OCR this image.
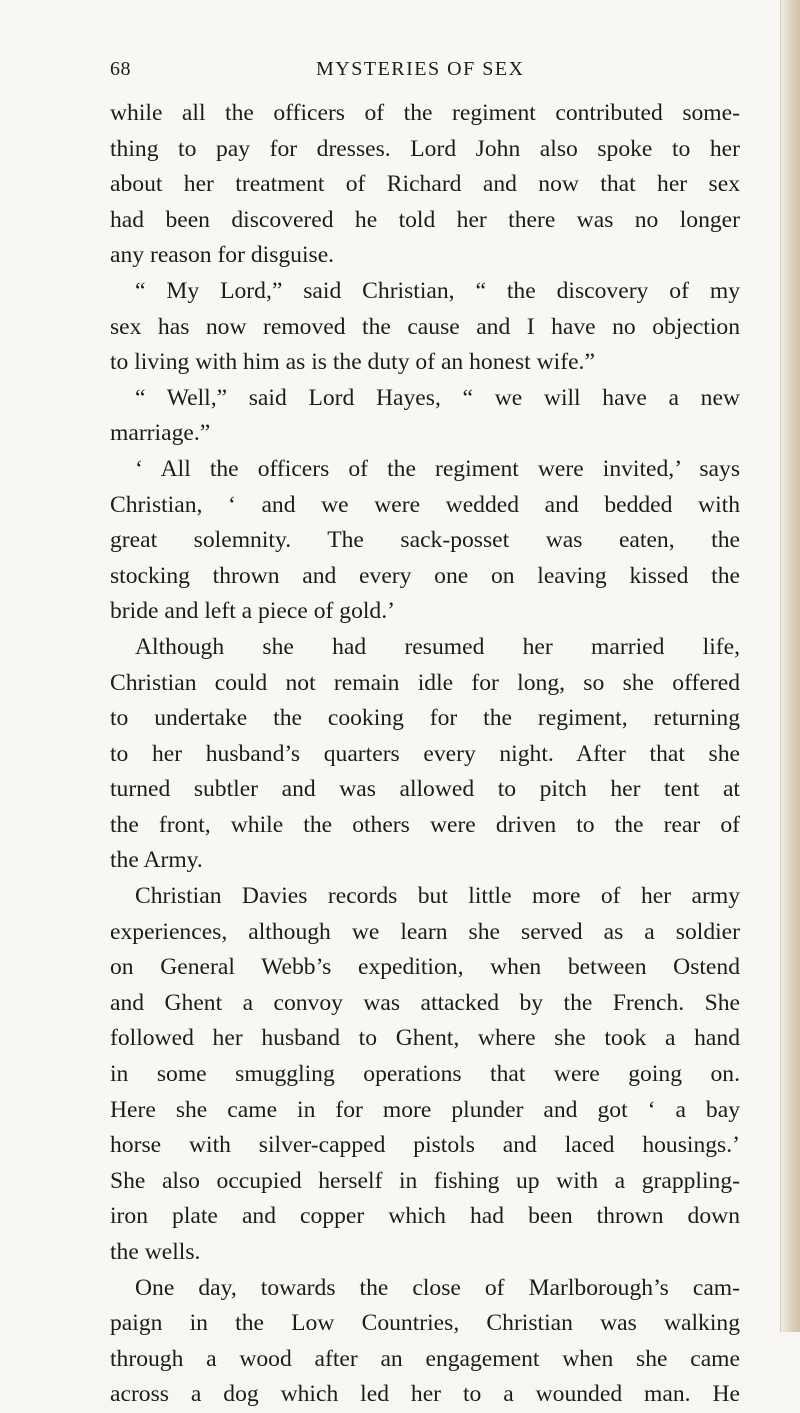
68	MYSTERIES OF SEX
while all the officers of the regiment contributed some-
thing to pay for dresses. Lord John also spoke to her
about her treatment of Richard and now that her sex
had been discovered he told her there was no longer
any reason for disguise.
“ My Lord,” said Christian, “ the discovery of my
sex has now removed the cause and I have no objection
to living with him as is the duty of an honest wife.”
“ Well,” said Lord Hayes, “ we will have a new
marriage.”
‘ All the officers of the regiment were invited,’ says
Christian, ‘ and we were wedded and bedded with
great solemnity. The sack-posset was eaten, the
stocking thrown and every one on leaving kissed the
bride and left a piece of gold.’
Although she had resumed her married life,
Christian could not remain idle for long, so she offered
to undertake the cooking for the regiment, returning
to her husband’s quarters every night. After that she
turned subtler and was allowed to pitch her tent at
the front, while the others were driven to the rear of
the Army.
Christian Davies records but little more of her army
experiences, although we learn she served as a soldier
on General Webb’s expedition, when between Ostend
and Ghent a convoy was attacked by the French. She
followed her husband to Ghent, where she took a hand
in some smuggling operations that were going on.
Here she came in for more plunder and got ‘ a bay
horse with silver-capped pistols and laced housings.’
She also occupied herself in fishing up with a grappling-
iron plate and copper which had been thrown down
the wells.
One day, towards the close of Marlborough’s cam-
paign in the Low Countries, Christian was walking
through a wood after an engagement when she came
across a dog which led her to a wounded man. He
